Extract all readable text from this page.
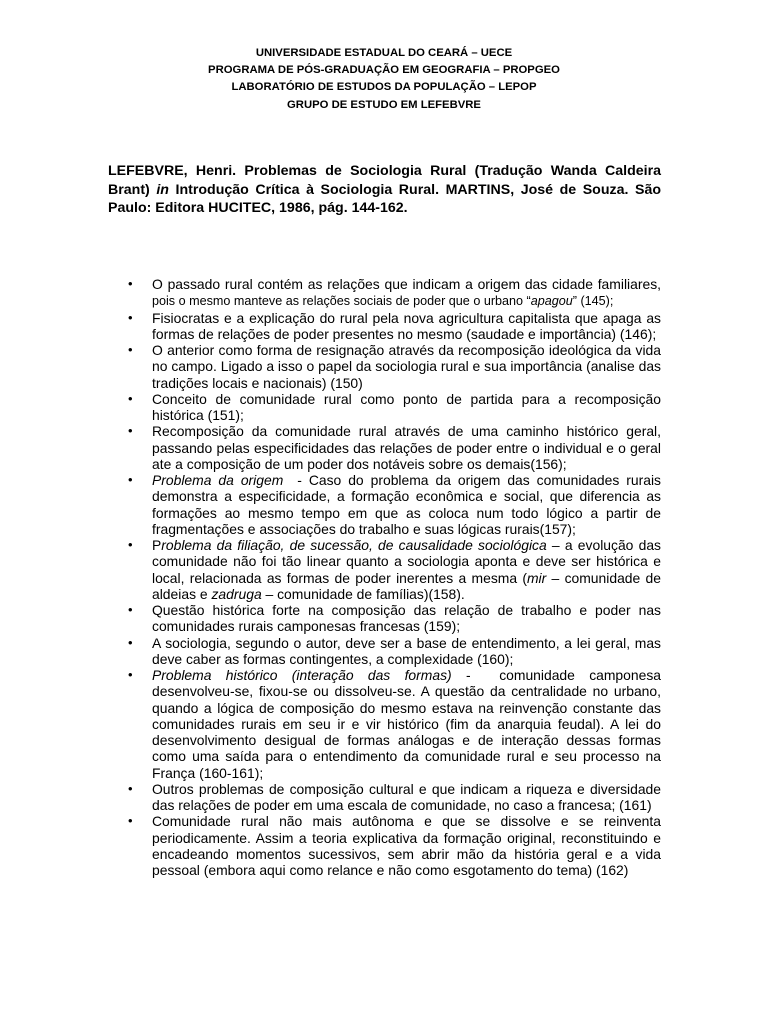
UNIVERSIDADE ESTADUAL DO CEARÁ – UECE
PROGRAMA DE PÓS-GRADUAÇÃO EM GEOGRAFIA – PROPGEO
LABORATÓRIO DE ESTUDOS DA POPULAÇÃO – LEPOP
GRUPO DE ESTUDO EM LEFEBVRE
LEFEBVRE, Henri. Problemas de Sociologia Rural (Tradução Wanda Caldeira Brant) in Introdução Crítica à Sociologia Rural. MARTINS, José de Souza. São Paulo: Editora HUCITEC, 1986, pág. 144-162.
• O passado rural contém as relações que indicam a origem das cidade familiares, pois o mesmo manteve as relações sociais de poder que o urbano “apagou” (145);
• Fisiocratas e a explicação do rural pela nova agricultura capitalista que apaga as formas de relações de poder presentes no mesmo (saudade e importância) (146);
• O anterior como forma de resignação através da recomposição ideológica da vida no campo. Ligado a isso o papel da sociologia rural e sua importância (analise das tradições locais e nacionais) (150)
• Conceito de comunidade rural como ponto de partida para a recomposição histórica (151);
• Recomposição da comunidade rural através de uma caminho histórico geral, passando pelas especificidades das relações de poder entre o individual e o geral ate a composição de um poder dos notáveis sobre os demais(156);
• Problema da origem  - Caso do problema da origem das comunidades rurais demonstra a especificidade, a formação econômica e social, que diferencia as formações ao mesmo tempo em que as coloca num todo lógico a partir de fragmentações e associações do trabalho e suas lógicas rurais(157);
• Problema da filiação, de sucessão, de causalidade sociológica – a evolução das comunidade não foi tão linear quanto a sociologia aponta e deve ser histórica e local, relacionada as formas de poder inerentes a mesma (mir – comunidade de aldeias e zadruga – comunidade de famílias)(158).
• Questão histórica forte na composição das relação de trabalho e poder nas comunidades rurais camponesas francesas (159);
• A sociologia, segundo o autor, deve ser a base de entendimento, a lei geral, mas deve caber as formas contingentes, a complexidade (160);
• Problema histórico (interação das formas) -  comunidade camponesa desenvolveu-se, fixou-se ou dissolveu-se. A questão da centralidade no urbano, quando a lógica de composição do mesmo estava na reinvenção constante das comunidades rurais em seu ir e vir histórico (fim da anarquia feudal). A lei do desenvolvimento desigual de formas análogas e de interação dessas formas como uma saída para o entendimento da comunidade rural e seu processo na França (160-161);
• Outros problemas de composição cultural e que indicam a riqueza e diversidade das relações de poder em uma escala de comunidade, no caso a francesa; (161)
• Comunidade rural não mais autônoma e que se dissolve e se reinventa periodicamente. Assim a teoria explicativa da formação original, reconstituindo e encadeando momentos sucessivos, sem abrir mão da história geral e a vida pessoal (embora aqui como relance e não como esgotamento do tema) (162)
